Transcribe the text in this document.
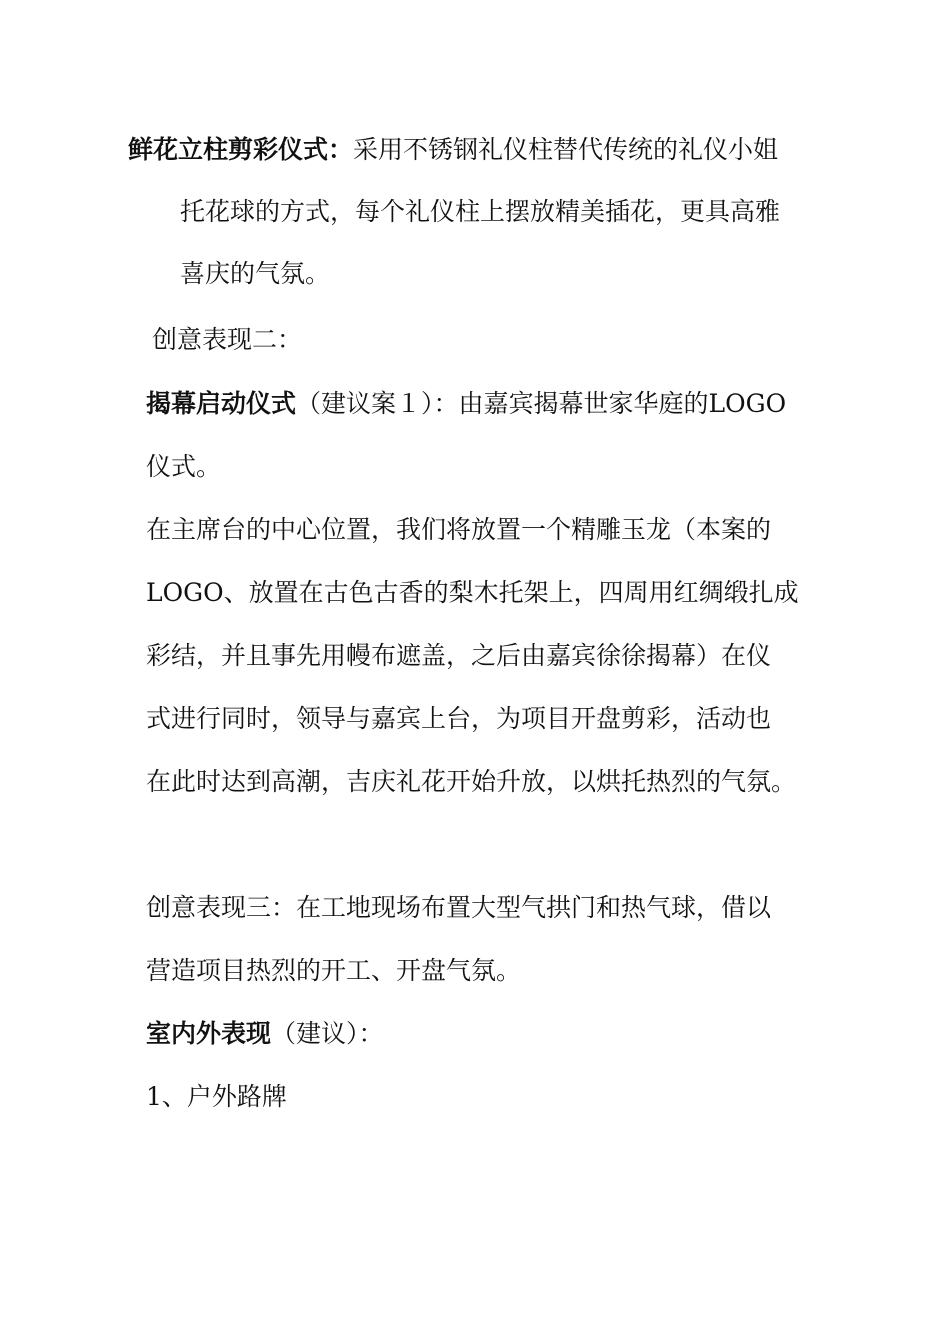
鲜花立柱剪彩仪式：采用不锈钢礼仪柱替代传统的礼仪小姐
托花球的方式，每个礼仪柱上摆放精美插花，更具高雅
喜庆的气氛。
创意表现二：
揭幕启动仪式（建议案１）：由嘉宾揭幕世家华庭的LOGO
仪式。
在主席台的中心位置，我们将放置一个精雕玉龙（本案的
LOGO、放置在古色古香的梨木托架上，四周用红绸缎扎成
彩结，并且事先用幔布遮盖，之后由嘉宾徐徐揭幕）在仪
式进行同时，领导与嘉宾上台，为项目开盘剪彩，活动也
在此时达到高潮，吉庆礼花开始升放，以烘托热烈的气氛。
创意表现三：在工地现场布置大型气拱门和热气球，借以
营造项目热烈的开工、开盘气氛。
室内外表现（建议）：
1、户外路牌
